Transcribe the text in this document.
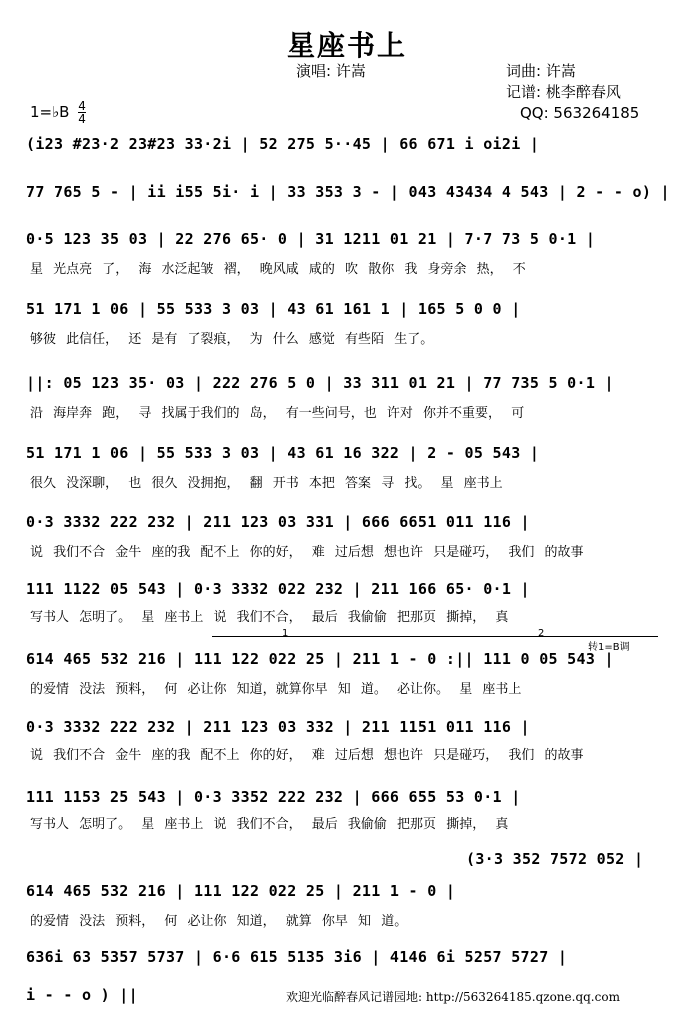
星座书上
演唱: 许嵩	词曲: 许嵩
记谱: 桃李醉春风
QQ: 563264185
1=♭B $\frac{4}{4}$
(i23 #23·2 23#23 33·2i | 52 275 5··45 | 66 671 i oi2i |
77 765 5 - | ii i55 5i· i | 33 353 3 - | 043 43434 4 543 | 2 - - o) |
0·5 123 35 03 | 22 276 65· 0 | 31 1211 01 21 | 7·7 73 5 0·1 |
星 光点亮 了， 海 水泛起皱 褶， 晚风咸 咸的 吹 散你 我 身旁余 热， 不
51 171 1 06 | 55 533 3 03 | 43 61 161 1 | 165 5 0 0 |
够彼 此信任， 还 是有 了裂痕， 为 什么 感觉 有些陌 生了。
||: 05 123 35· 03 | 222 276 5 0 | 33 311 01 21 | 77 735 5 0·1 |
沿 海岸奔 跑， 寻 找属于我们的 岛， 有一些问号，也 许对 你并不重要， 可
51 171 1 06 | 55 533 3 03 | 43 61 16 322 | 2 - 05 543 |
很久 没深聊， 也 很久 没拥抱， 翻 开书 本把 答案 寻 找。 星 座书上
0·3 3332 222 232 | 211 123 03 331 | 666 6651 011 116 |
说 我们不合 金牛 座的我 配不上 你的好， 难 过后想 想也许 只是碰巧， 我们 的故事
111 1122 05 543 | 0·3 3332 022 232 | 211 166 65· 0·1 |
写书人 怎明了。 星 座书上 说 我们不合， 最后 我偷偷 把那页 撕掉， 真
1	2
转1=B调
614 465 532 216 | 111 122 022 25 | 211 1 - 0 :|| 111 0 05 543 |
的爱情 没法 预料， 何 必让你 知道，就算你早 知 道。 必让你。 星 座书上
0·3 3332 222 232 | 211 123 03 332 | 211 1151 011 116 |
说 我们不合 金牛 座的我 配不上 你的好， 难 过后想 想也许 只是碰巧， 我们 的故事
111 1153 25 543 | 0·3 3352 222 232 | 666 655 53 0·1 |
写书人 怎明了。 星 座书上 说 我们不合， 最后 我偷偷 把那页 撕掉， 真
(3·3 352 7572 052 |
614 465 532 216 | 111 122 022 25 | 211 1 - 0 |
的爱情 没法 预料， 何 必让你 知道， 就算 你早 知 道。
636i 63 5357 5737 | 6·6 615 5135 3i6 | 4146 6i 5257 5727 |
i - - o ) ||	欢迎光临醉春风记谱园地: http://563264185.qzone.qq.com
